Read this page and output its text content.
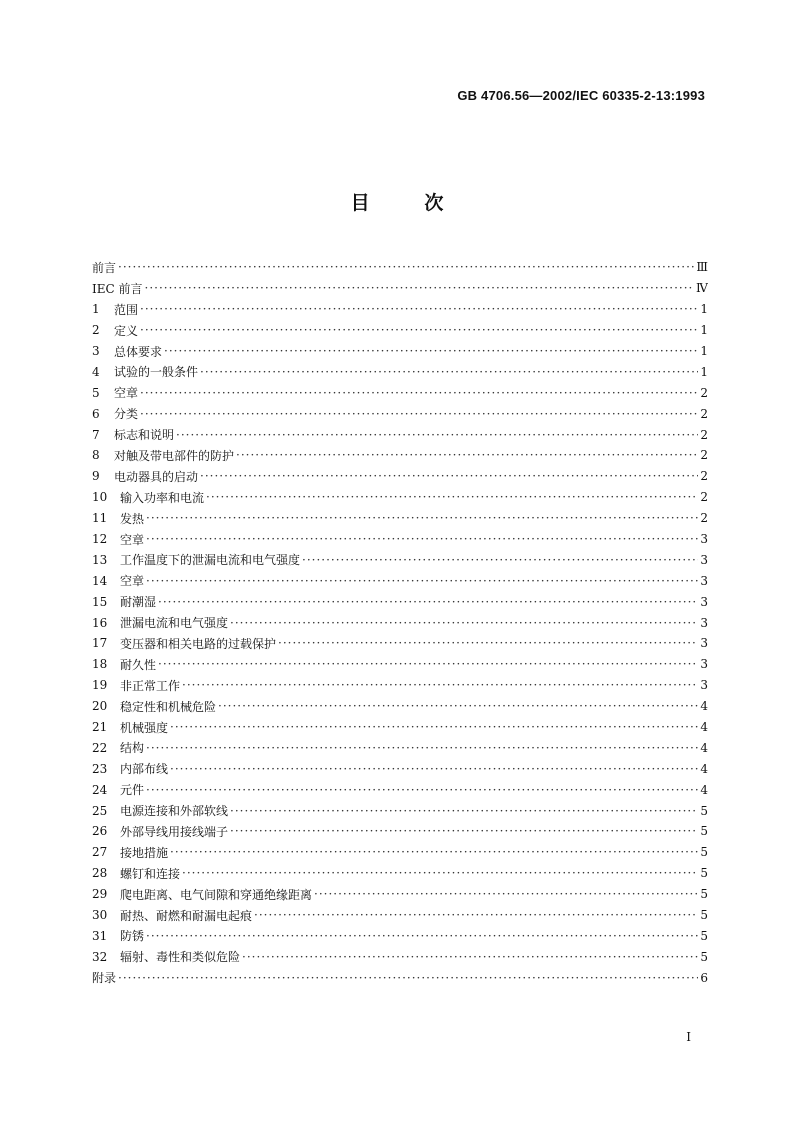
GB 4706.56—2002/IEC 60335-2-13:1993
目	次
前言 ·····	Ⅲ
IEC 前言 ·····	Ⅳ
1	范围 ·····	1
2	定义 ·····	1
3	总体要求 ·····	1
4	试验的一般条件 ·····	1
5	空章 ·····	2
6	分类 ·····	2
7	标志和说明 ·····	2
8	对触及带电部件的防护 ·····	2
9	电动器具的启动 ·····	2
10	输入功率和电流 ·····	2
11	发热 ·····	2
12	空章 ·····	3
13	工作温度下的泄漏电流和电气强度 ·····	3
14	空章 ·····	3
15	耐潮湿 ·····	3
16	泄漏电流和电气强度 ·····	3
17	变压器和相关电路的过载保护 ·····	3
18	耐久性 ·····	3
19	非正常工作 ·····	3
20	稳定性和机械危险 ·····	4
21	机械强度 ·····	4
22	结构 ·····	4
23	内部布线 ·····	4
24	元件 ·····	4
25	电源连接和外部软线 ·····	5
26	外部导线用接线端子 ·····	5
27	接地措施 ·····	5
28	螺钉和连接 ·····	5
29	爬电距离、电气间隙和穿通绝缘距离 ·····	5
30	耐热、耐燃和耐漏电起痕 ·····	5
31	防锈 ·····	5
32	辐射、毒性和类似危险 ·····	5
附录 ·····	6
I
